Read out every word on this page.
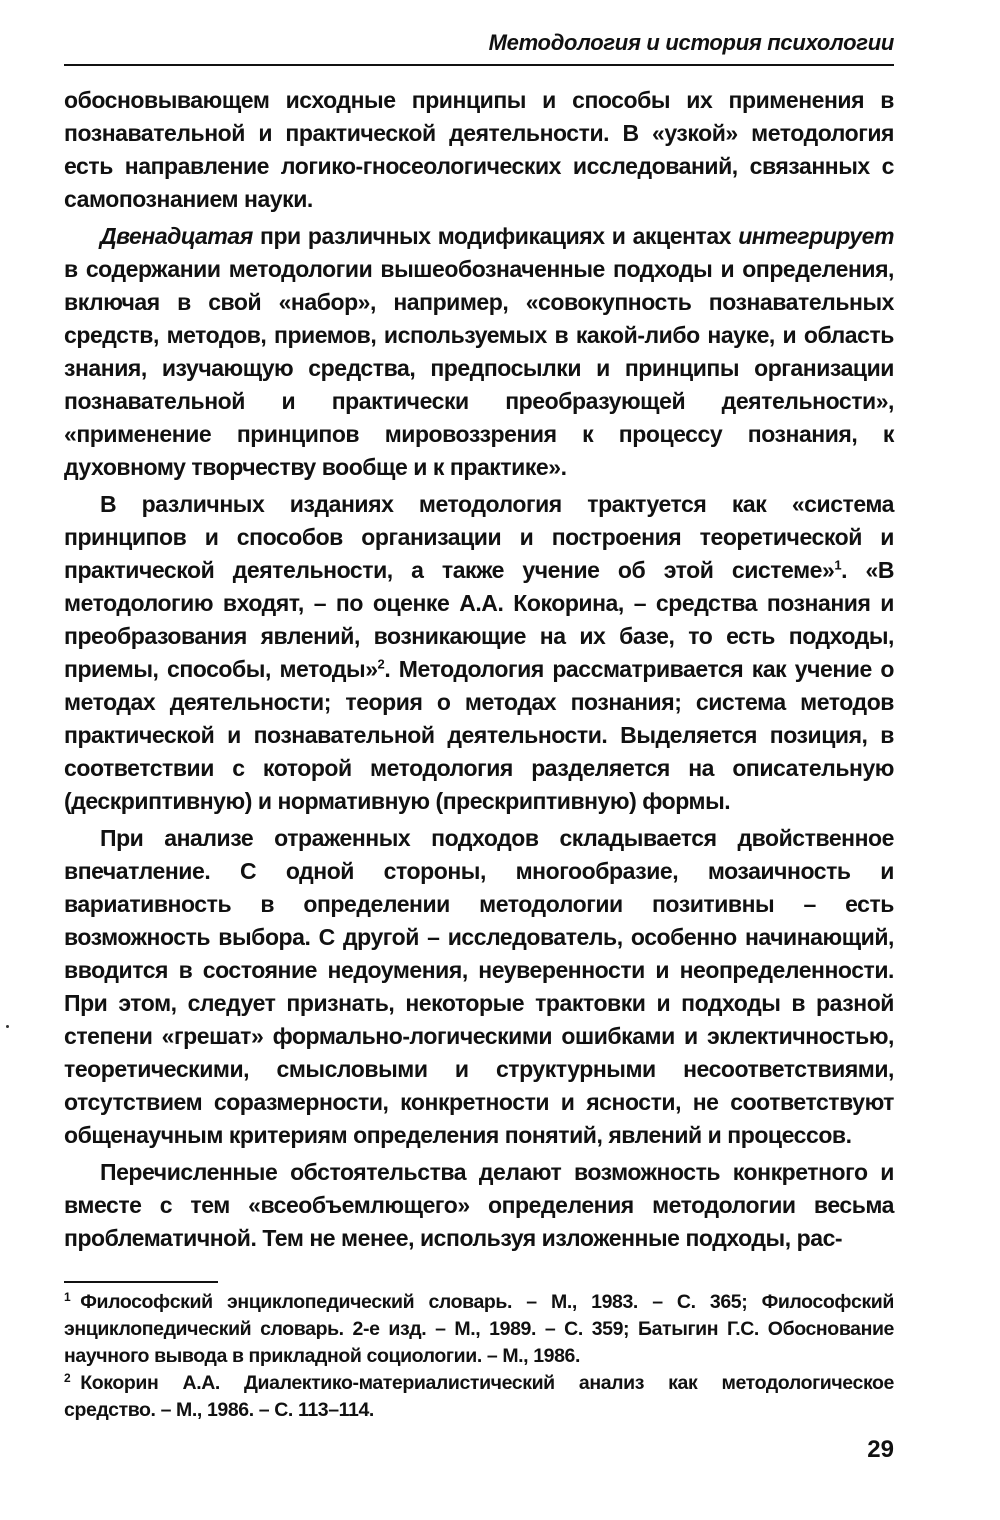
Методология и история психологии

обосновывающем исходные принципы и способы их применения в познавательной и практической деятельности. В «узкой» методология есть направление логико-гносеологических исследований, связанных с самопознанием науки.

Двенадцатая при различных модификациях и акцентах интегрирует в содержании методологии вышеобозначенные подходы и определения, включая в свой «набор», например, «совокупность познавательных средств, методов, приемов, используемых в какой-либо науке, и область знания, изучающую средства, предпосылки и принципы организации познавательной и практически преобразующей деятельности», «применение принципов мировоззрения к процессу познания, к духовному творчеству вообще и к практике».

В различных изданиях методология трактуется как «система принципов и способов организации и построения теоретической и практической деятельности, а также учение об этой системе»$^1$. «В методологию входят, – по оценке А.А. Кокорина, – средства познания и преобразования явлений, возникающие на их базе, то есть подходы, приемы, способы, методы»$^2$. Методология рассматривается как учение о методах деятельности; теория о методах познания; система методов практической и познавательной деятельности. Выделяется позиция, в соответствии с которой методология разделяется на описательную (дескриптивную) и нормативную (прескриптивную) формы.

При анализе отраженных подходов складывается двойственное впечатление. С одной стороны, многообразие, мозаичность и вариативность в определении методологии позитивны – есть возможность выбора. С другой – исследователь, особенно начинающий, вводится в состояние недоумения, неуверенности и неопределенности. При этом, следует признать, некоторые трактовки и подходы в разной степени «грешат» формально-логическими ошибками и эклектичностью, теоретическими, смысловыми и структурными несоответствиями, отсутствием соразмерности, конкретности и ясности, не соответствуют общенаучным критериям определения понятий, явлений и процессов.

Перечисленные обстоятельства делают возможность конкретного и вместе с тем «всеобъемлющего» определения методологии весьма проблематичной. Тем не менее, используя изложенные подходы, рас-

$^1$ Философский энциклопедический словарь. – М., 1983. – С. 365; Философский энциклопедический словарь. 2-е изд. – М., 1989. – С. 359; Батыгин Г.С. Обоснование научного вывода в прикладной социологии. – М., 1986.

$^2$ Кокорин А.А. Диалектико-материалистический анализ как методологическое средство. – М., 1986. – С. 113–114.

29
